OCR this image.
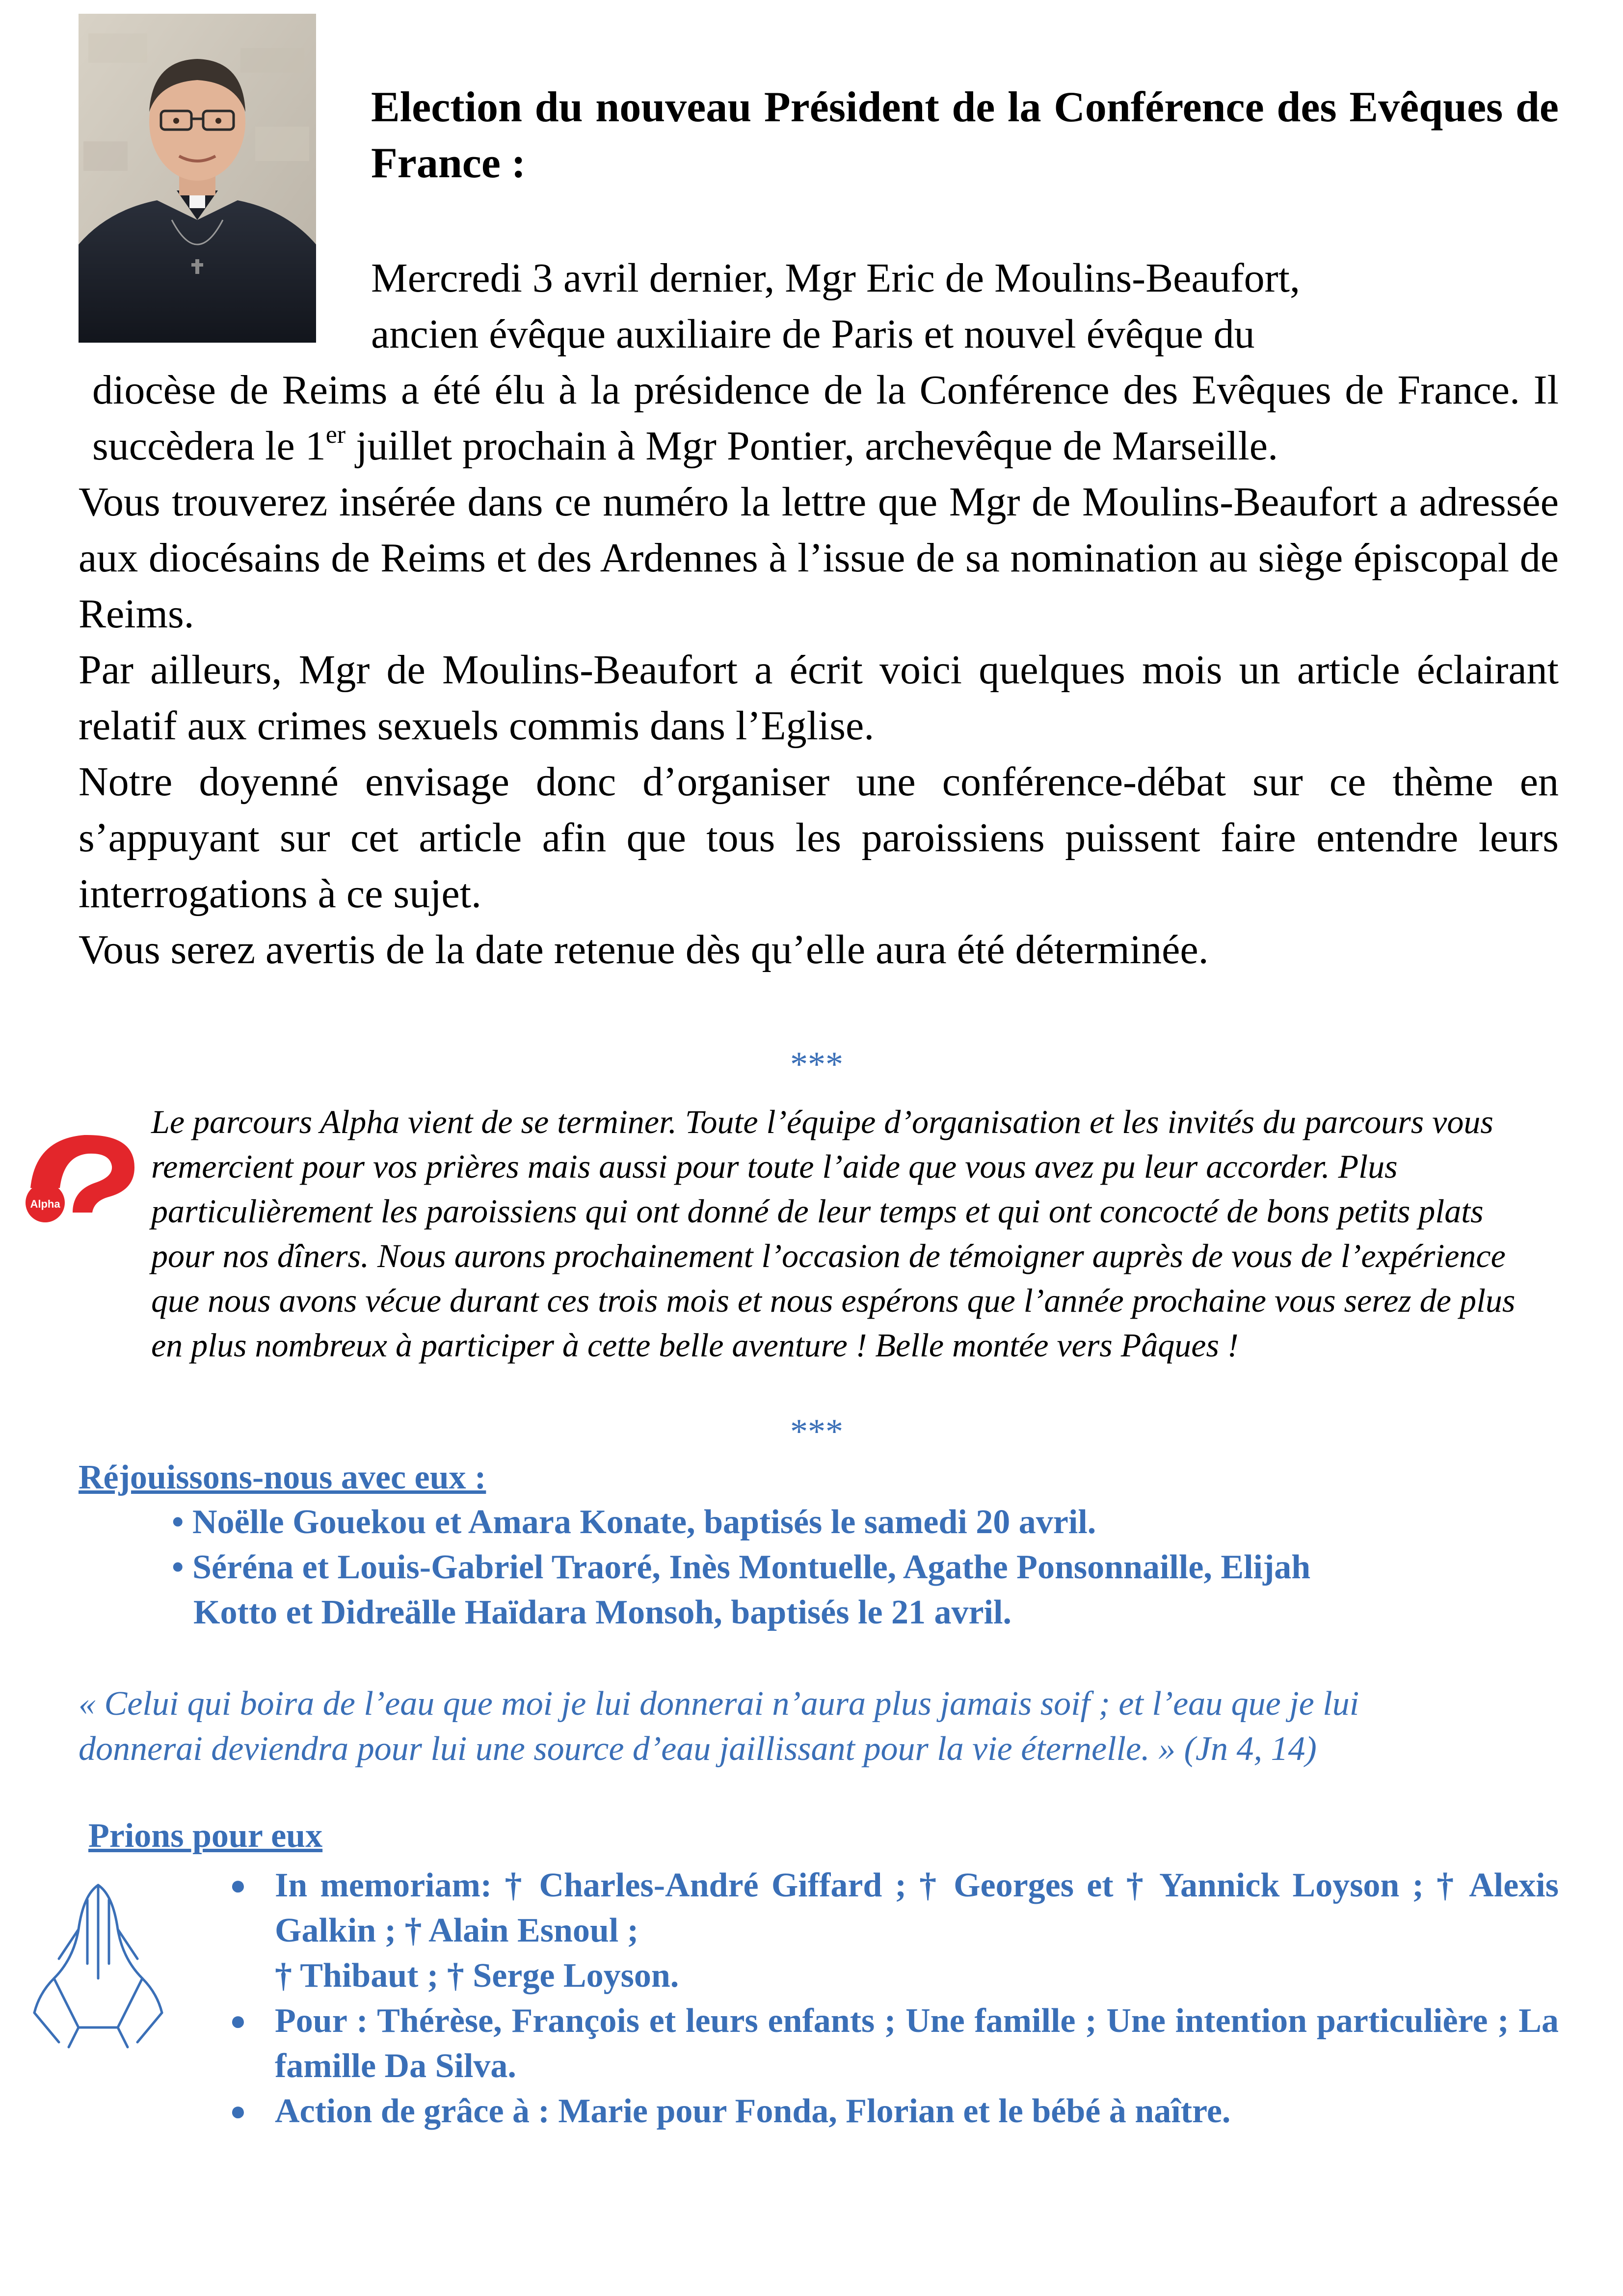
Election du nouveau Président de la Conférence des Evêques de France :

Mercredi 3 avril dernier, Mgr Eric de Moulins-Beaufort,

ancien évêque auxiliaire de Paris et nouvel évêque du

diocèse de Reims a été élu à la présidence de la Conférence des Evêques de France. Il succèdera le 1er juillet prochain à Mgr Pontier, archevêque de Marseille.

Vous trouverez insérée dans ce numéro la lettre que Mgr de Moulins-Beaufort a adressée aux diocésains de Reims et des Ardennes à l’issue de sa nomination au siège épiscopal de Reims.

Par ailleurs, Mgr de Moulins-Beaufort a écrit voici quelques mois un article éclairant relatif aux crimes sexuels commis dans l’Eglise.

Notre doyenné envisage donc d’organiser une conférence-débat sur ce thème en s’appuyant sur cet article afin que tous les paroissiens puissent faire entendre leurs interrogations à ce sujet.

Vous serez avertis de la date retenue dès qu’elle aura été déterminée.

***
Alpha

Le parcours Alpha vient de se terminer. Toute l’équipe d’organisation et les invités du parcours vous remercient pour vos prières mais aussi pour toute l’aide que vous avez pu leur accorder. Plus particulièrement les paroissiens qui ont donné de leur temps et qui ont concocté de bons petits plats pour nos dîners. Nous aurons prochainement l’occasion de témoigner auprès de vous de l’expérience que nous avons vécue durant ces trois mois et nous espérons que l’année prochaine vous serez de plus en plus nombreux à participer à cette belle aventure ! Belle montée vers Pâques !

***

Réjouissons-nous avec eux :

• Noëlle Gouekou et Amara Konate, baptisés le samedi 20 avril.
• Séréna et Louis-Gabriel Traoré, Inès Montuelle, Agathe Ponsonnaille, Elijah
Kotto et Didreälle Haïdara Monsoh, baptisés le 21 avril.

« Celui qui boira de l’eau que moi je lui donnerai n’aura plus jamais soif ; et l’eau que je lui
donnerai deviendra pour lui une source d’eau jaillissant pour la vie éternelle. » (Jn 4, 14)

Prions pour eux

● In memoriam: † Charles-André Giffard ; † Georges et † Yannick Loyson ; † Alexis Galkin ; † Alain Esnoul ;
† Thibaut ; † Serge Loyson.
● Pour : Thérèse, François et leurs enfants ; Une famille ; Une intention particulière ; La famille Da Silva.
● Action de grâce à : Marie pour Fonda, Florian et le bébé à naître.
